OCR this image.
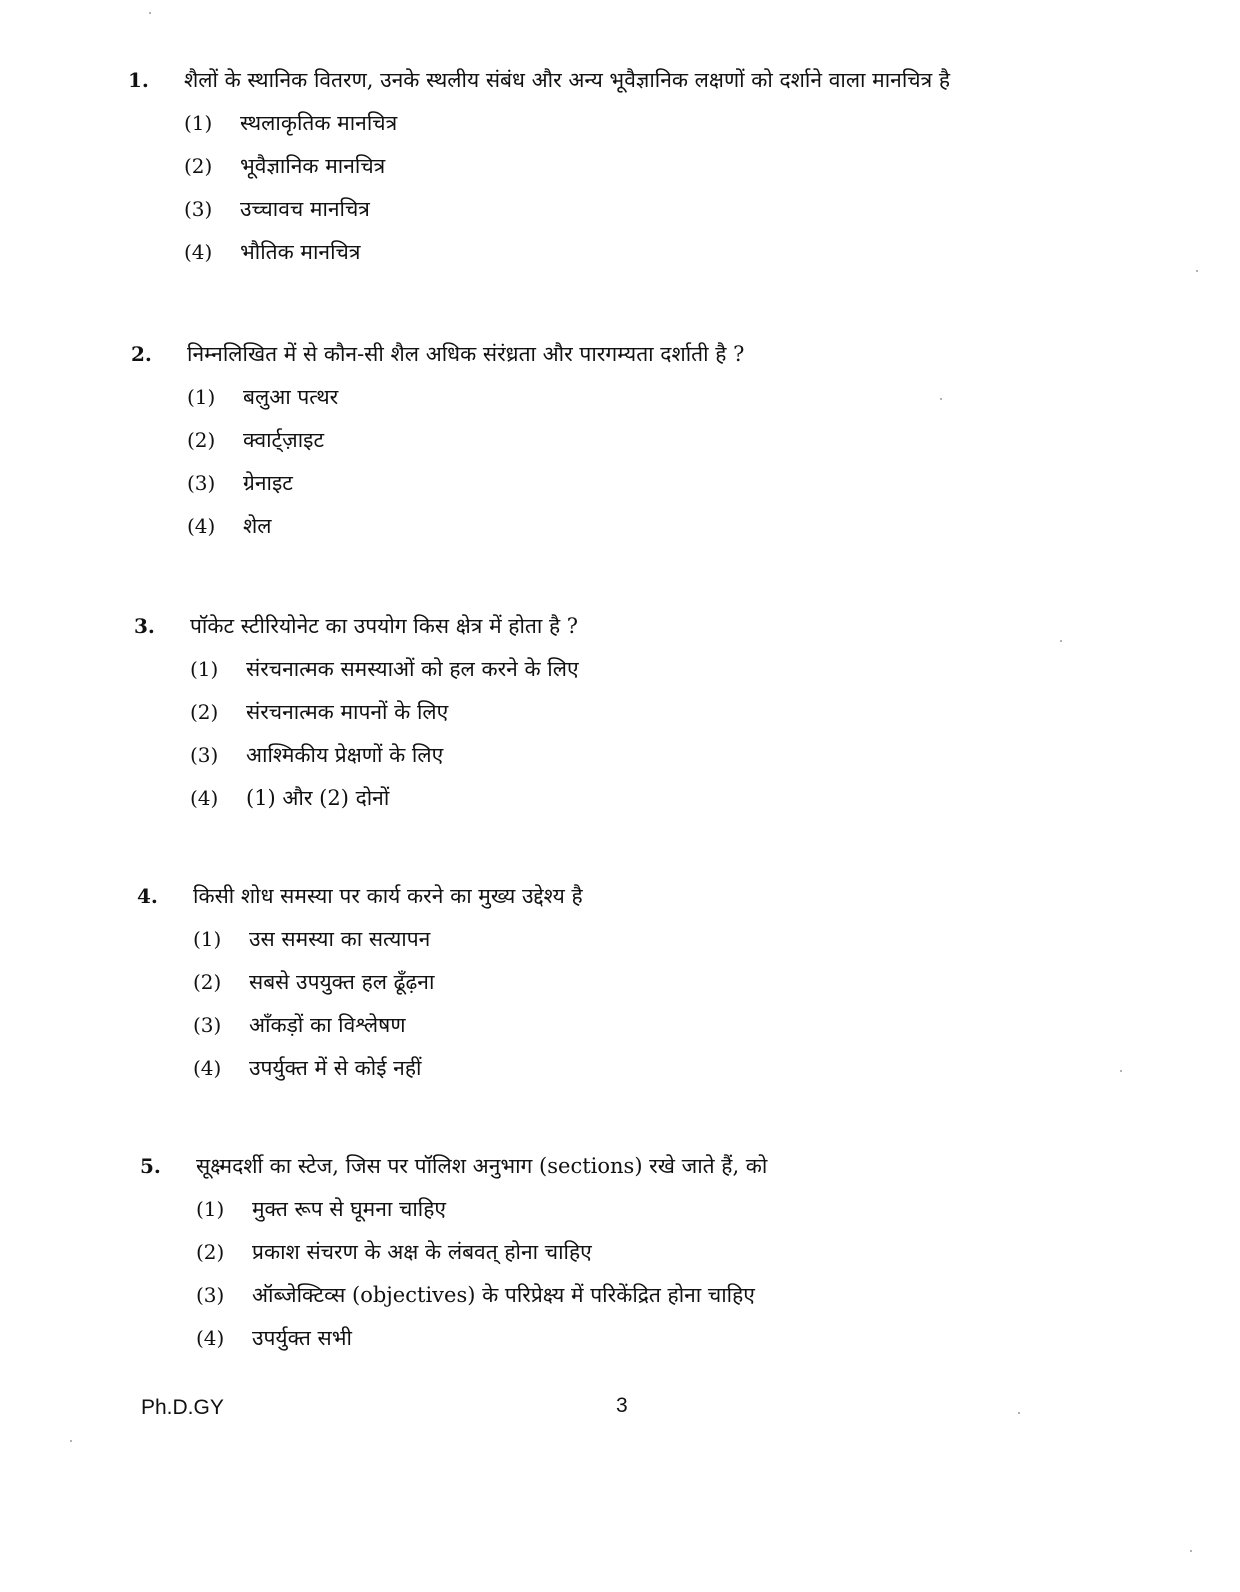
1.	शैलों के स्थानिक वितरण, उनके स्थलीय संबंध और अन्य भूवैज्ञानिक लक्षणों को दर्शाने वाला मानचित्र है
(1)	स्थलाकृतिक मानचित्र
(2)	भूवैज्ञानिक मानचित्र
(3)	उच्चावच मानचित्र
(4)	भौतिक मानचित्र
2.	निम्नलिखित में से कौन-सी शैल अधिक संरंध्रता और पारगम्यता दर्शाती है ?
(1)	बलुआ पत्थर
(2)	क्वार्ट्ज़ाइट
(3)	ग्रेनाइट
(4)	शेल
3.	पॉकेट स्टीरियोनेट का उपयोग किस क्षेत्र में होता है ?
(1)	संरचनात्मक समस्याओं को हल करने के लिए
(2)	संरचनात्मक मापनों के लिए
(3)	आश्मिकीय प्रेक्षणों के लिए
(4)	(1) और (2) दोनों
4.	किसी शोध समस्या पर कार्य करने का मुख्य उद्देश्य है
(1)	उस समस्या का सत्यापन
(2)	सबसे उपयुक्त हल ढूँढ़ना
(3)	आँकड़ों का विश्लेषण
(4)	उपर्युक्त में से कोई नहीं
5.	सूक्ष्मदर्शी का स्टेज, जिस पर पॉलिश अनुभाग (sections) रखे जाते हैं, को
(1)	मुक्त रूप से घूमना चाहिए
(2)	प्रकाश संचरण के अक्ष के लंबवत् होना चाहिए
(3)	ऑब्जेक्टिव्स (objectives) के परिप्रेक्ष्य में परिकेंद्रित होना चाहिए
(4)	उपर्युक्त सभी
Ph.D.GY	3
